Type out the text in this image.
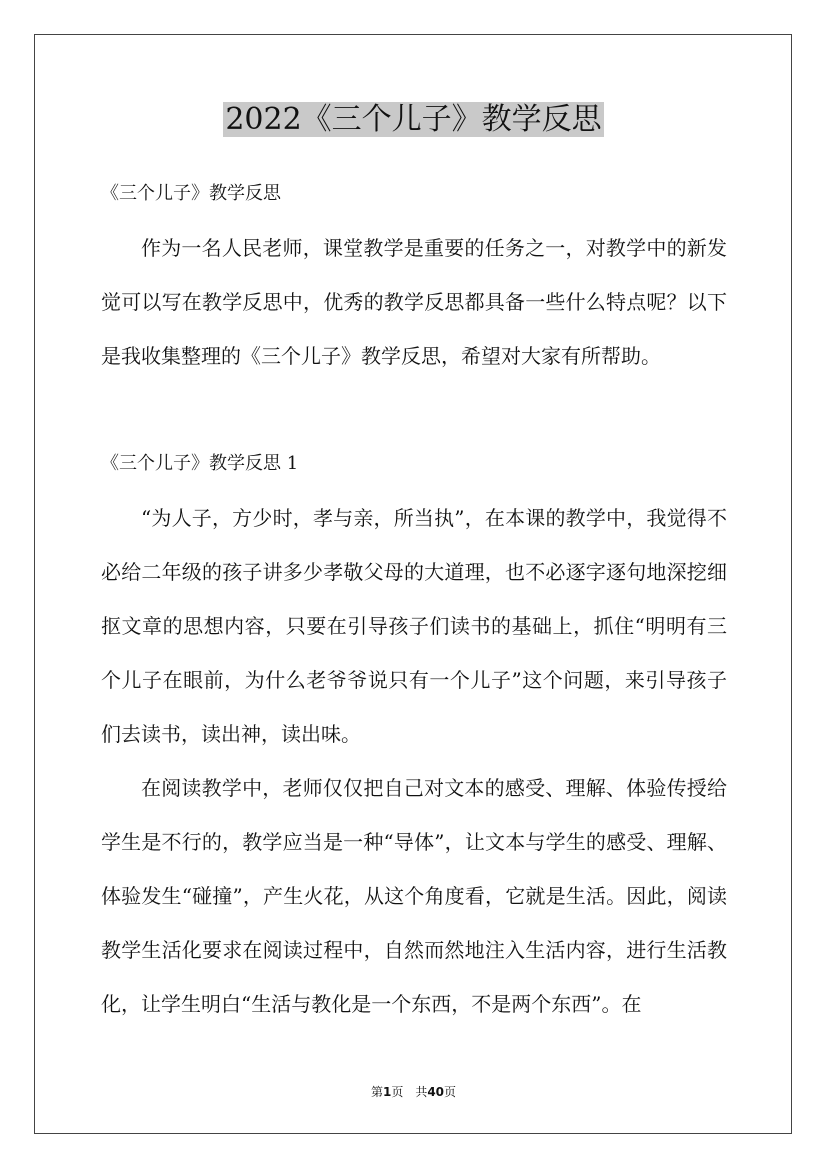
2022《三个儿子》教学反思
《三个儿子》教学反思
作为一名人民老师，课堂教学是重要的任务之一，对教学中的新发觉可以写在教学反思中，优秀的教学反思都具备一些什么特点呢？以下是我收集整理的《三个儿子》教学反思，希望对大家有所帮助。
《三个儿子》教学反思 1
“为人子，方少时，孝与亲，所当执”，在本课的教学中，我觉得不必给二年级的孩子讲多少孝敬父母的大道理，也不必逐字逐句地深挖细抠文章的思想内容，只要在引导孩子们读书的基础上，抓住“明明有三个儿子在眼前，为什么老爷爷说只有一个儿子”这个问题，来引导孩子们去读书，读出神，读出味。
在阅读教学中，老师仅仅把自己对文本的感受、理解、体验传授给学生是不行的，教学应当是一种“导体”，让文本与学生的感受、理解、体验发生“碰撞”，产生火花，从这个角度看，它就是生活。因此，阅读教学生活化要求在阅读过程中，自然而然地注入生活内容，进行生活教化，让学生明白“生活与教化是一个东西，不是两个东西”。在
第1页　共40页
